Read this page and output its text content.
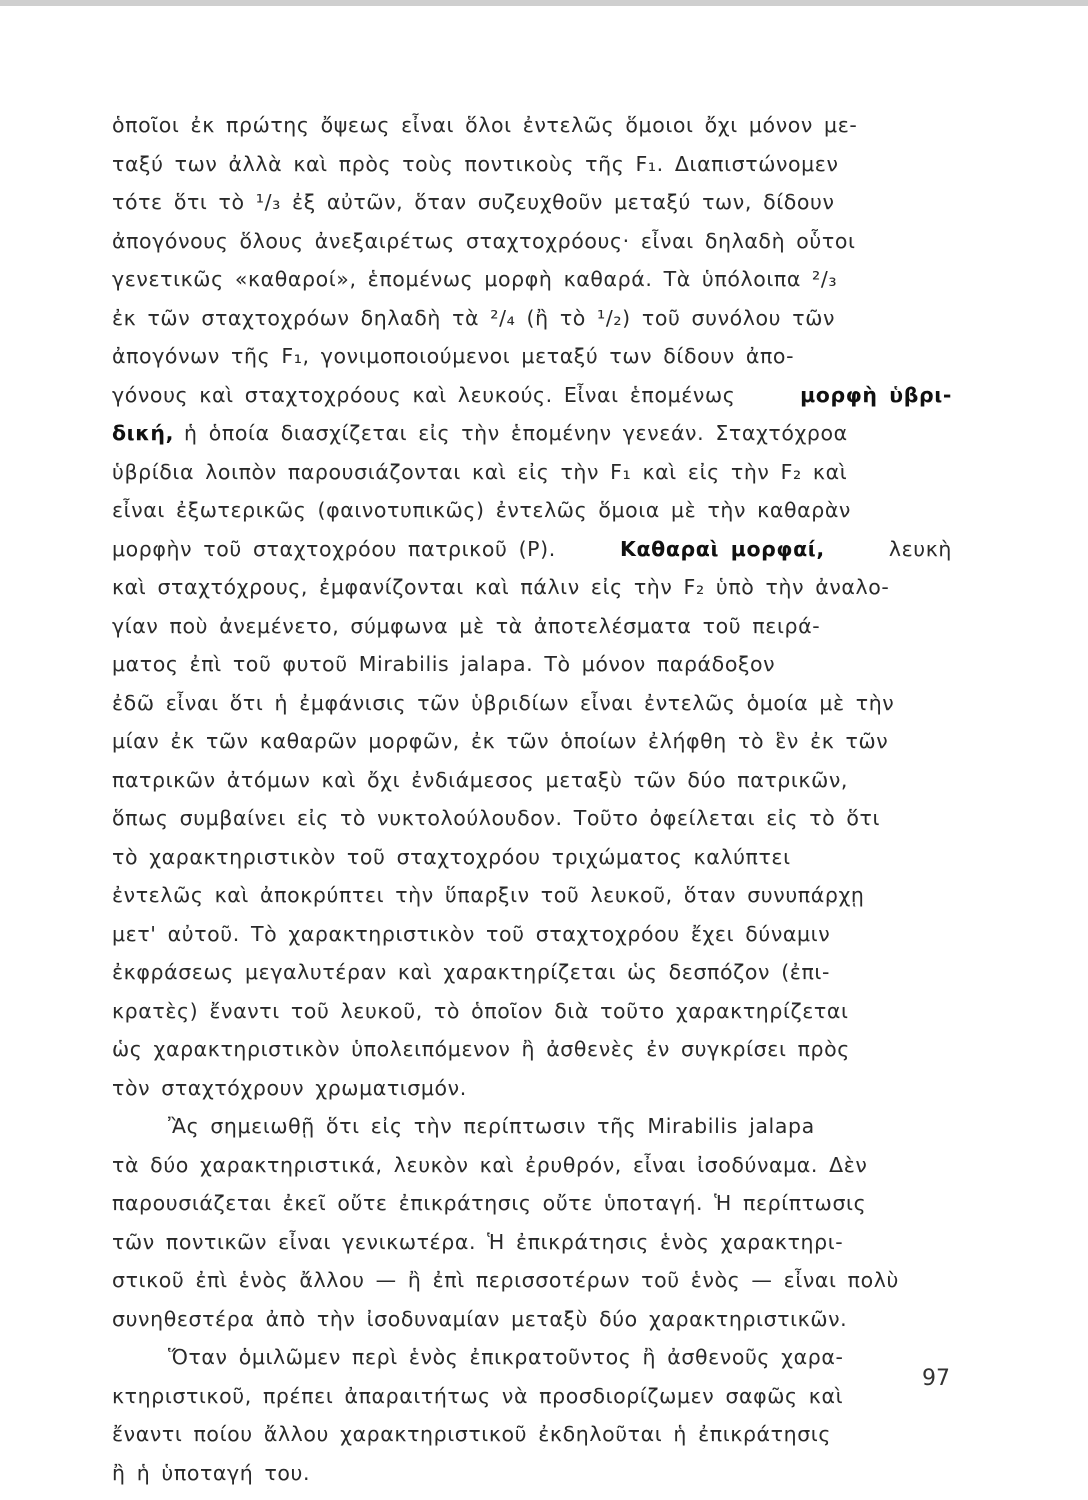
ὁποῖοι ἐκ πρώτης ὄψεως εἶναι ὅλοι ἐντελῶς ὅμοιοι ὄχι μόνον με-
ταξύ των ἀλλὰ καὶ πρὸς τοὺς ποντικοὺς τῆς F₁. Διαπιστώνομεν
τότε ὅτι τὸ ¹/₃ ἐξ αὐτῶν, ὅταν συζευχθοῦν μεταξύ των, δίδουν
ἀπογόνους ὅλους ἀνεξαιρέτως σταχτοχρόους· εἶναι δηλαδὴ οὗτοι
γενετικῶς «καθαροί», ἑπομένως μορφὴ καθαρά. Τὰ ὑπόλοιπα ²/₃
ἐκ τῶν σταχτοχρόων δηλαδὴ τὰ ²/₄ (ἢ τὸ ¹/₂) τοῦ συνόλου τῶν
ἀπογόνων τῆς F₁, γονιμοποιούμενοι μεταξύ των δίδουν ἀπο-
γόνους καὶ σταχτοχρόους καὶ λευκούς. Εἶναι ἑπομένως	μορφὴ ὑβρι-
δική, ἡ ὁποία διασχίζεται εἰς τὴν ἑπομένην γενεάν. Σταχτόχροα
ὑβρίδια λοιπὸν παρουσιάζονται καὶ εἰς τὴν F₁ καὶ εἰς τὴν F₂ καὶ
εἶναι ἐξωτερικῶς (φαινοτυπικῶς) ἐντελῶς ὅμοια μὲ τὴν καθαρὰν
μορφὴν τοῦ σταχτοχρόου πατρικοῦ (P).	Καθαραὶ μορφαί,	λευκὴ
καὶ σταχτόχρους, ἐμφανίζονται καὶ πάλιν εἰς τὴν F₂ ὑπὸ τὴν ἀναλο-
γίαν ποὺ ἀνεμένετο, σύμφωνα μὲ τὰ ἀποτελέσματα τοῦ πειρά-
ματος ἐπὶ τοῦ φυτοῦ Mirabilis jalapa. Τὸ μόνον παράδοξον
ἐδῶ εἶναι ὅτι ἡ ἐμφάνισις τῶν ὑβριδίων εἶναι ἐντελῶς ὁμοία μὲ τὴν
μίαν ἐκ τῶν καθαρῶν μορφῶν, ἐκ τῶν ὁποίων ἐλήφθη τὸ ἓν ἐκ τῶν
πατρικῶν ἀτόμων καὶ ὄχι ἐνδιάμεσος μεταξὺ τῶν δύο πατρικῶν,
ὅπως συμβαίνει εἰς τὸ νυκτολούλουδον. Τοῦτο ὀφείλεται εἰς τὸ ὅτι
τὸ χαρακτηριστικὸν τοῦ σταχτοχρόου τριχώματος καλύπτει
ἐντελῶς καὶ ἀποκρύπτει τὴν ὕπαρξιν τοῦ λευκοῦ, ὅταν συνυπάρχῃ
μετ' αὐτοῦ. Τὸ χαρακτηριστικὸν τοῦ σταχτοχρόου ἔχει δύναμιν
ἐκφράσεως μεγαλυτέραν καὶ χαρακτηρίζεται ὡς δεσπόζον (ἐπι-
κρατὲς) ἔναντι τοῦ λευκοῦ, τὸ ὁποῖον διὰ τοῦτο χαρακτηρίζεται
ὡς χαρακτηριστικὸν ὑπολειπόμενον ἢ ἀσθενὲς ἐν συγκρίσει πρὸς
τὸν σταχτόχρουν χρωματισμόν.
Ἂς σημειωθῇ ὅτι εἰς τὴν περίπτωσιν τῆς Mirabilis jalapa
τὰ δύο χαρακτηριστικά, λευκὸν καὶ ἐρυθρόν, εἶναι ἰσοδύναμα. Δὲν
παρουσιάζεται ἐκεῖ οὔτε ἐπικράτησις οὔτε ὑποταγή. Ἡ περίπτωσις
τῶν ποντικῶν εἶναι γενικωτέρα. Ἡ ἐπικράτησις ἑνὸς χαρακτηρι-
στικοῦ ἐπὶ ἑνὸς ἄλλου — ἢ ἐπὶ περισσοτέρων τοῦ ἑνὸς — εἶναι πολὺ
συνηθεστέρα ἀπὸ τὴν ἰσοδυναμίαν μεταξὺ δύο χαρακτηριστικῶν.
Ὅταν ὁμιλῶμεν περὶ ἑνὸς ἐπικρατοῦντος ἢ ἀσθενοῦς χαρα-
κτηριστικοῦ, πρέπει ἀπαραιτήτως νὰ προσδιορίζωμεν σαφῶς καὶ
ἔναντι ποίου ἄλλου χαρακτηριστικοῦ ἐκδηλοῦται ἡ ἐπικράτησις
ἢ ἡ ὑποταγή του.
97
